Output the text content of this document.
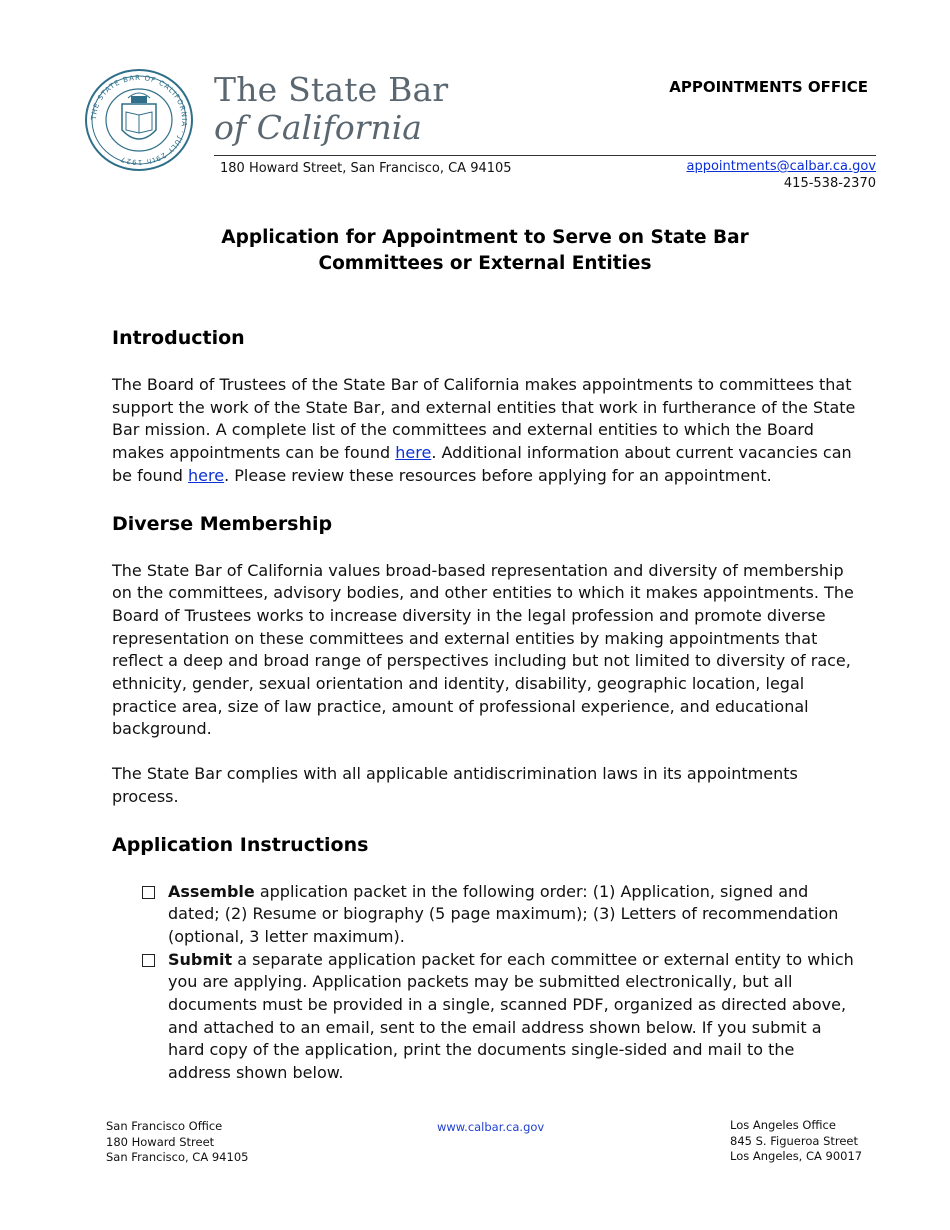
THE STATE BAR OF CALIFORNIA · JULY 29th 1927
The State Bar
of California
APPOINTMENTS OFFICE
180 Howard Street, San Francisco, CA 94105	appointments@calbar.ca.gov
415-538-2370
Application for Appointment to Serve on State Bar
Committees or External Entities
Introduction

The Board of Trustees of the State Bar of California makes appointments to committees that support the work of the State Bar, and external entities that work in furtherance of the State Bar mission. A complete list of the committees and external entities to which the Board makes appointments can be found here. Additional information about current vacancies can be found here. Please review these resources before applying for an appointment.

Diverse Membership

The State Bar of California values broad-based representation and diversity of membership on the committees, advisory bodies, and other entities to which it makes appointments. The Board of Trustees works to increase diversity in the legal profession and promote diverse representation on these committees and external entities by making appointments that reflect a deep and broad range of perspectives including but not limited to diversity of race, ethnicity, gender, sexual orientation and identity, disability, geographic location, legal practice area, size of law practice, amount of professional experience, and educational background.

The State Bar complies with all applicable antidiscrimination laws in its appointments process.

Application Instructions
Assemble application packet in the following order: (1) Application, signed and dated; (2) Resume or biography (5 page maximum); (3) Letters of recommendation (optional, 3 letter maximum).
Submit a separate application packet for each committee or external entity to which you are applying. Application packets may be submitted electronically, but all documents must be provided in a single, scanned PDF, organized as directed above, and attached to an email, sent to the email address shown below. If you submit a hard copy of the application, print the documents single-sided and mail to the address shown below.
San Francisco Office
180 Howard Street
San Francisco, CA 94105
www.calbar.ca.gov	Los Angeles Office
845 S. Figueroa Street
Los Angeles, CA 90017
